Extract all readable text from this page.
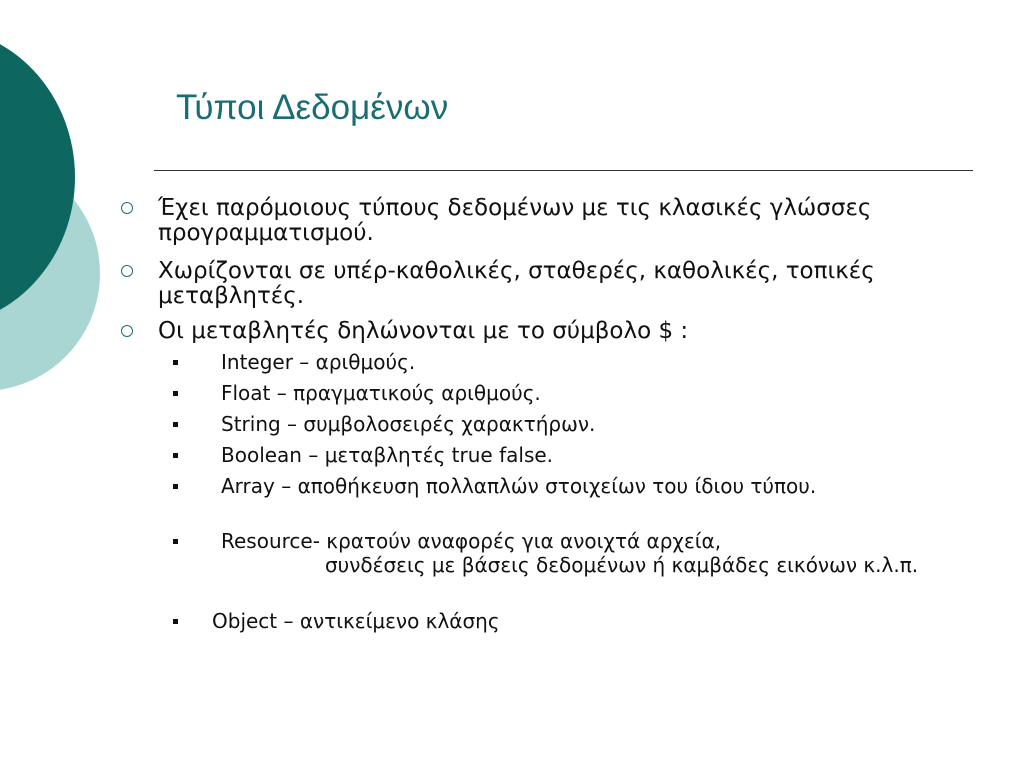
Τύποι Δεδομένων
Έχει παρόμοιους τύπους δεδομένων με τις κλασικές γλώσσες προγραμματισμού.
Χωρίζονται σε υπέρ-καθολικές, σταθερές, καθολικές, τοπικές μεταβλητές.
Οι μεταβλητές δηλώνονται με το σύμβολο $ :
Integer – αριθμούς.
Float – πραγματικούς αριθμούς.
String – συμβολοσειρές χαρακτήρων.
Boolean – μεταβλητές true false.
Array – αποθήκευση πολλαπλών στοιχείων του ίδιου τύπου.
Resource- κρατούν αναφορές για ανοιχτά αρχεία,
συνδέσεις με βάσεις δεδομένων ή καμβάδες εικόνων κ.λ.π.
Object – αντικείμενο κλάσης
